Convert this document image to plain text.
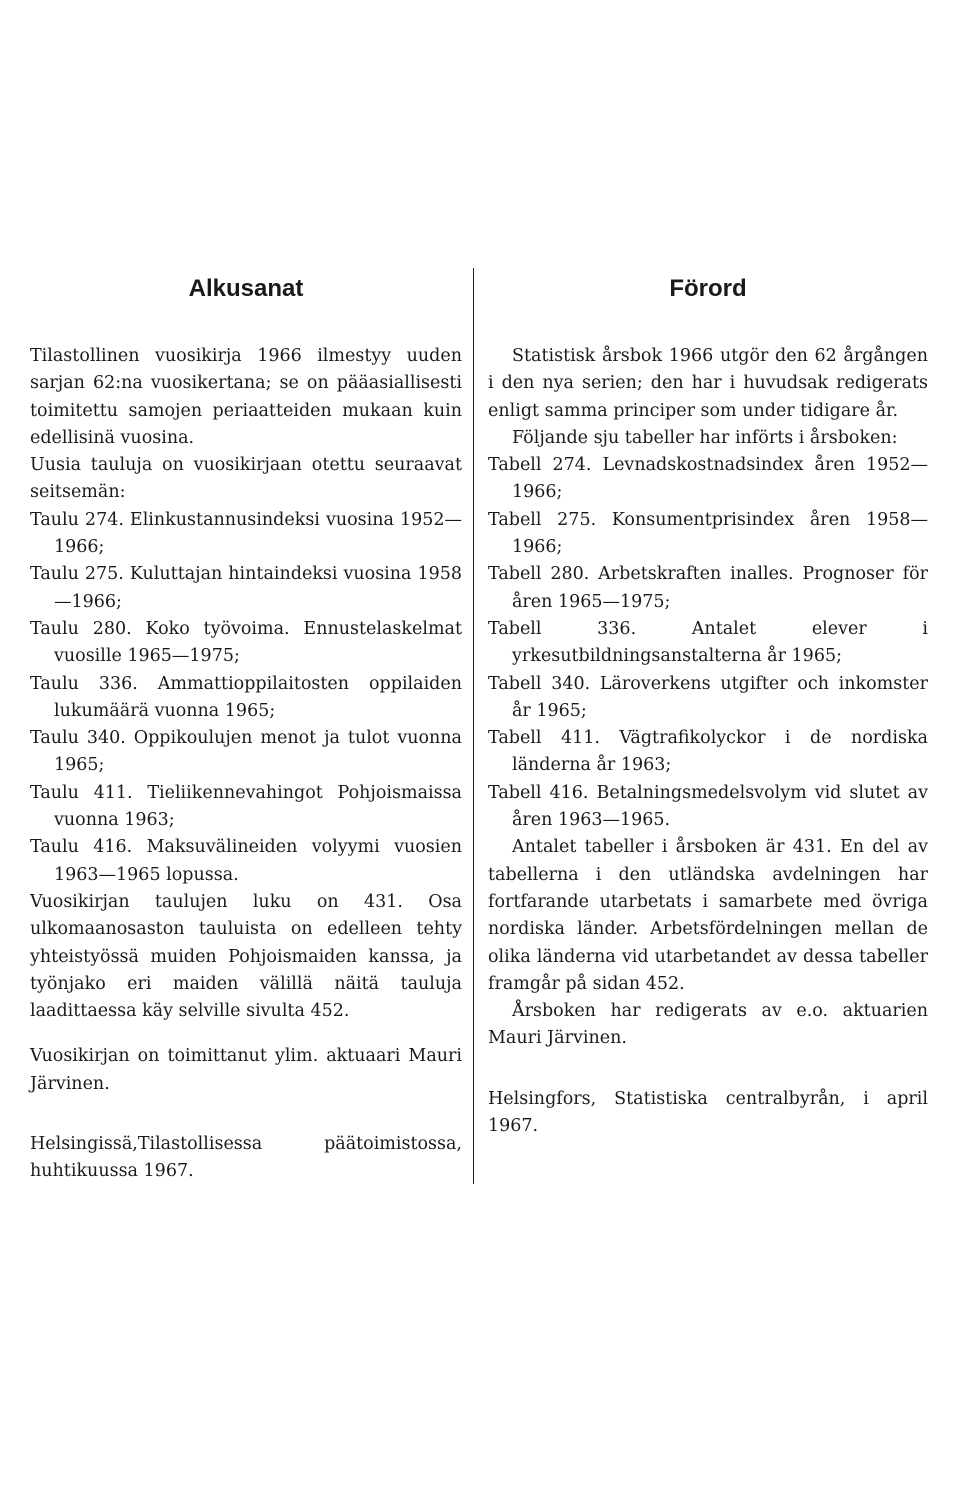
Alkusanat

Tilastollinen vuosikirja 1966 ilmestyy uuden sarjan 62:na vuosikertana; se on pääasiallisesti toimitettu samojen periaatteiden mukaan kuin edellisinä vuosina.

Uusia tauluja on vuosikirjaan otettu seuraavat seitsemän:

Taulu 274. Elinkustannusindeksi vuosina 1952—1966;

Taulu 275. Kuluttajan hintaindeksi vuosina 1958—1966;

Taulu 280. Koko työvoima. Ennustelaskelmat vuosille 1965—1975;

Taulu 336. Ammattioppilaitosten oppilaiden lukumäärä vuonna 1965;

Taulu 340. Oppikoulujen menot ja tulot vuonna 1965;

Taulu 411. Tieliikennevahingot Pohjoismaissa vuonna 1963;

Taulu 416. Maksuvälineiden volyymi vuosien 1963—1965 lopussa.

Vuosikirjan taulujen luku on 431. Osa ulkomaanosaston tauluista on edelleen tehty yhteistyössä muiden Pohjoismaiden kanssa, ja työnjako eri maiden välillä näitä tauluja laadittaessa käy selville sivulta 452.

Vuosikirjan on toimittanut ylim. aktuaari Mauri Järvinen.

Helsingissä,Tilastollisessa päätoimistossa, huhtikuussa 1967.

Förord

Statistisk årsbok 1966 utgör den 62 årgången i den nya serien; den har i huvudsak redigerats enligt samma principer som under tidigare år.

Följande sju tabeller har införts i årsboken:

Tabell 274. Levnadskostnadsindex åren 1952—1966;

Tabell 275. Konsumentprisindex åren 1958—1966;

Tabell 280. Arbetskraften inalles. Prognoser för åren 1965—1975;

Tabell 336. Antalet elever i yrkesutbildningsanstalterna år 1965;

Tabell 340. Läroverkens utgifter och inkomster år 1965;

Tabell 411. Vägtrafikolyckor i de nordiska länderna år 1963;

Tabell 416. Betalningsmedelsvolym vid slutet av åren 1963—1965.

Antalet tabeller i årsboken är 431. En del av tabellerna i den utländska avdelningen har fortfarande utarbetats i samarbete med övriga nordiska länder. Arbetsfördelningen mellan de olika länderna vid utarbetandet av dessa tabeller framgår på sidan 452.

Årsboken har redigerats av e.o. aktuarien Mauri Järvinen.

Helsingfors, Statistiska centralbyrån, i april 1967.
